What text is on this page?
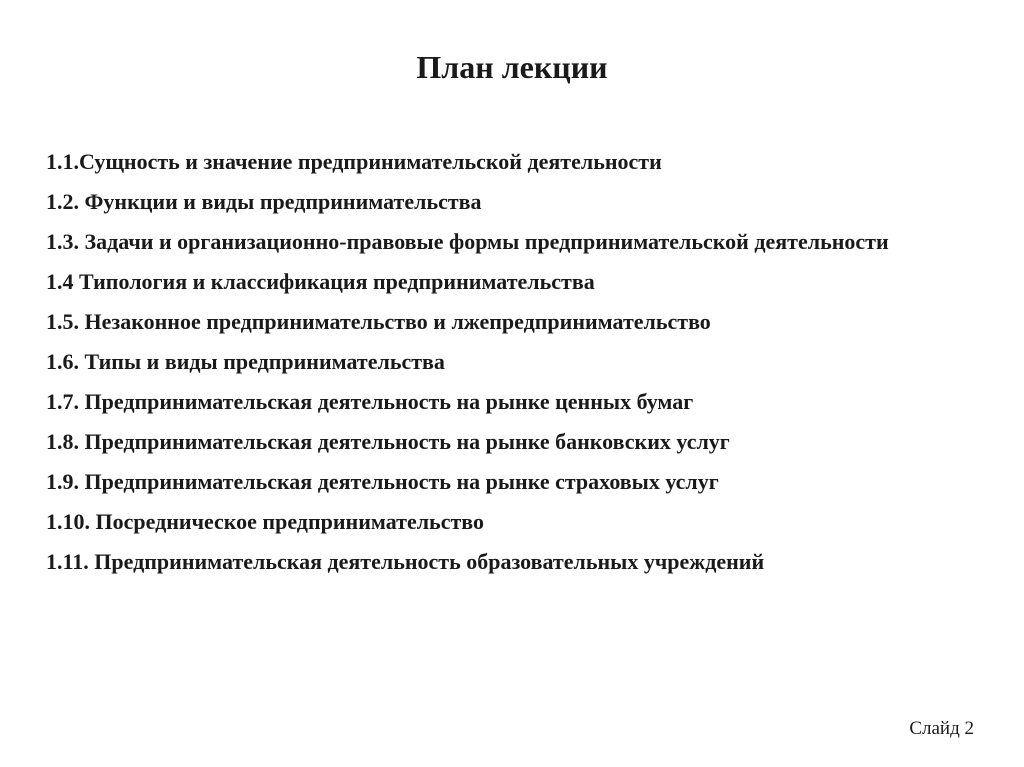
План лекции
1.1.Сущность и значение предпринимательской деятельности
1.2. Функции и виды предпринимательства
1.3. Задачи и организационно-правовые формы предпринимательской деятельности
1.4 Типология и классификация предпринимательства
1.5. Незаконное предпринимательство и лжепредпринимательство
1.6. Типы и виды предпринимательства
1.7. Предпринимательская деятельность на рынке ценных бумаг
1.8. Предпринимательская деятельность на рынке банковских услуг
1.9. Предпринимательская деятельность на рынке страховых услуг
1.10. Посредническое предпринимательство
1.11. Предпринимательская деятельность образовательных учреждений
Слайд 2
